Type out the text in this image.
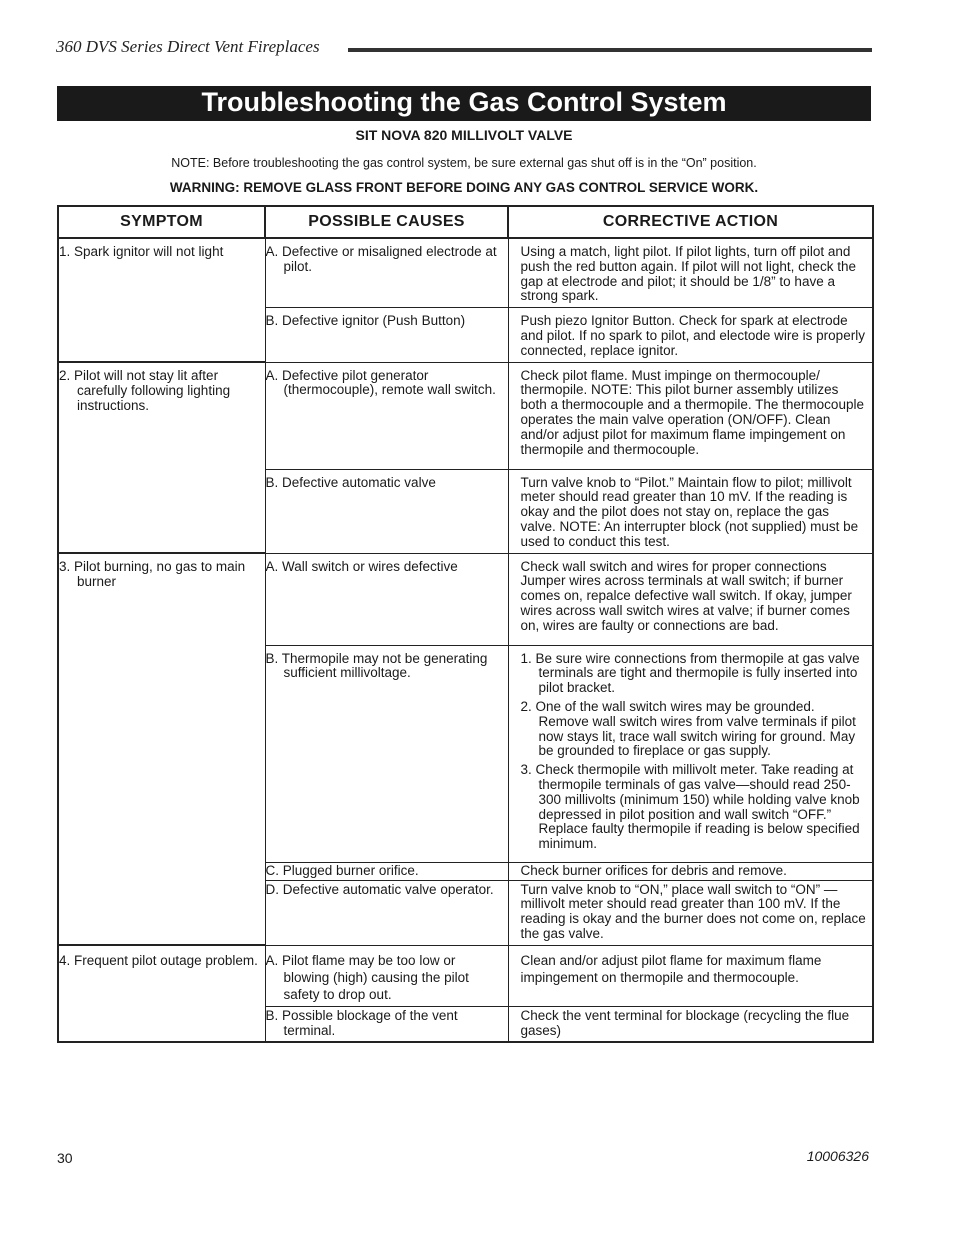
360 DVS Series Direct Vent Fireplaces
Troubleshooting the Gas Control System
SIT NOVA 820 MILLIVOLT VALVE
NOTE: Before troubleshooting the gas control system, be sure external gas shut off is in the “On” position.
WARNING: REMOVE GLASS FRONT BEFORE DOING ANY GAS CONTROL SERVICE WORK.
SYMPTOM	POSSIBLE CAUSES	CORRECTIVE ACTION

1. Spark ignitor will not light	A. Defective or misaligned electrode at pilot.	Using a match, light pilot. If pilot lights, turn off pilot and push the red button again. If pilot will not light, check the gap at electrode and pilot; it should be 1/8” to have a strong spark.

	B. Defective ignitor (Push Button)	Push piezo Ignitor Button. Check for spark at electrode and pilot. If no spark to pilot, and electode wire is properly connected, replace ignitor.

2. Pilot will not stay lit after carefully following lighting instructions.	A. Defective pilot generator (thermocouple), remote wall switch.	Check pilot flame. Must impinge on thermocouple/ thermopile. NOTE: This pilot burner assembly utilizes both a thermocouple and a thermopile. The thermocouple operates the main valve operation (ON/OFF). Clean and/or adjust pilot for maximum flame impingement on thermopile and thermocouple.

	B. Defective automatic valve	Turn valve knob to “Pilot.” Maintain flow to pilot; millivolt meter should read greater than 10 mV. If the reading is okay and the pilot does not stay on, replace the gas valve. NOTE: An interrupter block (not supplied) must be used to conduct this test.

3. Pilot burning, no gas to main burner	A. Wall switch or wires defective	Check wall switch and wires for proper connections Jumper wires across terminals at wall switch; if burner comes on, repalce defective wall switch. If okay, jumper wires across wall switch wires at valve; if burner comes on, wires are faulty or connections are bad.

	B. Thermopile may not be generating sufficient millivoltage.	1. Be sure wire connections from thermopile at gas valve terminals are tight and thermopile is fully inserted into pilot bracket.
2. One of the wall switch wires may be grounded. Remove wall switch wires from valve terminals if pilot now stays lit, trace wall switch wiring for ground. May be grounded to fireplace or gas supply.
3. Check thermopile with millivolt meter. Take reading at thermopile terminals of gas valve—should read 250-300 millivolts (minimum 150) while holding valve knob depressed in pilot position and wall switch “OFF.” Replace faulty thermopile if reading is below specified minimum.

	C. Plugged burner orifice.	Check burner orifices for debris and remove.

	D. Defective automatic valve operator.	Turn valve knob to “ON,” place wall switch to “ON” — millivolt meter should read greater than 100 mV. If the reading is okay and the burner does not come on, replace the gas valve.

4. Frequent pilot outage problem.	A. Pilot flame may be too low or blowing (high) causing the pilot safety to drop out.	Clean and/or adjust pilot flame for maximum flame impingement on thermopile and thermocouple.

	B. Possible blockage of the vent terminal.	Check the vent terminal for blockage (recycling the flue gases)
30	10006326
